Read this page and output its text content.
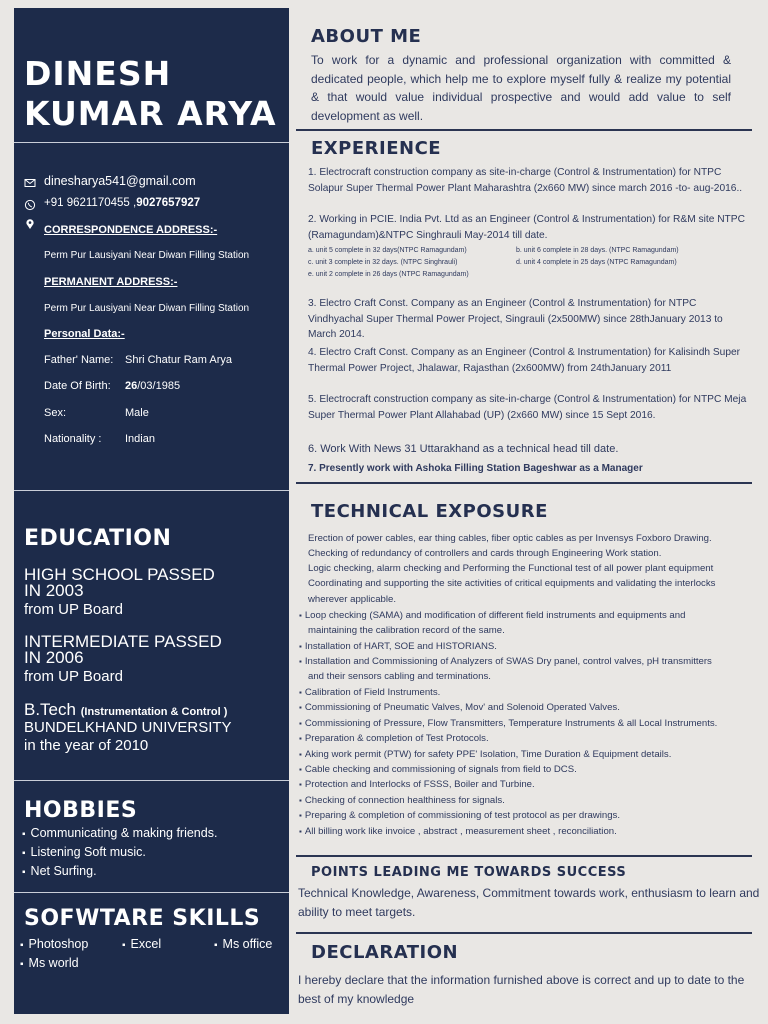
DINESH
KUMAR ARYA
dinesharya541@gmail.com
+91 9621170455 ,9027657927
CORRESPONDENCE ADDRESS:-
Perm Pur Lausiyani Near Diwan Filling Station
PERMANENT ADDRESS:-
Perm Pur Lausiyani Near Diwan Filling Station
Personal Data:-
Father' Name: Shri Chatur Ram Arya
Date Of Birth: 26/03/1985
Sex:	Male
Nationality : Indian
EDUCATION
HIGH SCHOOL PASSED
IN 2003
from UP Board
INTERMEDIATE PASSED
IN 2006
from UP Board
B.Tech (Instrumentation & Control )
BUNDELKHAND UNIVERSITY
in the year of 2010
HOBBIES
▪ Communicating & making friends.
▪ Listening Soft music.
▪ Net Surfing.
SOFWTARE SKILLS
▪ Photoshop	▪ Excel	▪ Ms office
▪ Ms world
ABOUT ME
To work for a dynamic and professional organization with committed & dedicated people, which help me to explore myself fully & realize my potential & that would value individual prospective and would add value to self development as well.
EXPERIENCE
1. Electrocraft construction company as site-in-charge (Control & Instrumentation) for NTPC Solapur Super Thermal Power Plant Maharashtra (2x660 MW) since march 2016 -to- aug-2016..
2. Working in PCIE. India Pvt. Ltd as an Engineer (Control & Instrumentation) for R&M site NTPC (Ramagundam)&NTPC Singhrauli May-2014 till date.
a. unit 5 complete in 32 days(NTPC Ramagundam)	b. unit 6 complete in 28 days. (NTPC Ramagundam)
c. unit 3 complete in 32 days. (NTPC Singhrauli)	d. unit 4 complete in 25 days (NTPC Ramagundam)
e. unit 2 complete in 26 days (NTPC Ramagundam)
3. Electro Craft Const. Company as an Engineer (Control & Instrumentation) for NTPC Vindhyachal Super Thermal Power Project, Singrauli (2x500MW) since 28thJanuary 2013 to March 2014.
4. Electro Craft Const. Company as an Engineer (Control & Instrumentation) for Kalisindh Super Thermal Power Project, Jhalawar, Rajasthan (2x600MW) from 24thJanuary 2011
5. Electrocraft construction company as site-in-charge (Control & Instrumentation) for NTPC Meja Super Thermal Power Plant Allahabad (UP) (2x660 MW) since 15 Sept 2016.
6. Work With News 31 Uttarakhand as a technical head till date.
7. Presently work with Ashoka Filling Station Bageshwar as a Manager
TECHNICAL EXPOSURE
Erection of power cables, ear thing cables, fiber optic cables as per Invensys Foxboro Drawing.
Checking of redundancy of controllers and cards through Engineering Work station.
Logic checking, alarm checking and Performing the Functional test of all power plant equipment
Coordinating and supporting the site activities of critical equipments and validating the interlocks
wherever applicable.
▪ Loop checking (SAMA) and modification of different field instruments and equipments and
maintaining the calibration record of the same.
▪ Installation of HART, SOE and HISTORIANS.
▪ Installation and Commissioning of Analyzers of SWAS Dry panel, control valves, pH transmitters
and their sensors cabling and terminations.
▪ Calibration of Field Instruments.
▪ Commissioning of Pneumatic Valves, Mov' and Solenoid Operated Valves.
▪ Commissioning of Pressure, Flow Transmitters, Temperature Instruments & all Local Instruments.
▪ Preparation & completion of Test Protocols.
▪ Aking work permit (PTW) for safety PPE' Isolation, Time Duration & Equipment details.
▪ Cable checking and commissioning of signals from field to DCS.
▪ Protection and Interlocks of FSSS, Boiler and Turbine.
▪ Checking of connection healthiness for signals.
▪ Preparing & completion of commissioning of test protocol as per drawings.
▪ All billing work like invoice , abstract , measurement sheet , reconciliation.
POINTS LEADING ME TOWARDS SUCCESS
Technical Knowledge, Awareness, Commitment towards work, enthusiasm to learn and ability to meet targets.
DECLARATION
I hereby declare that the information furnished above is correct and up to date to the best of my knowledge
